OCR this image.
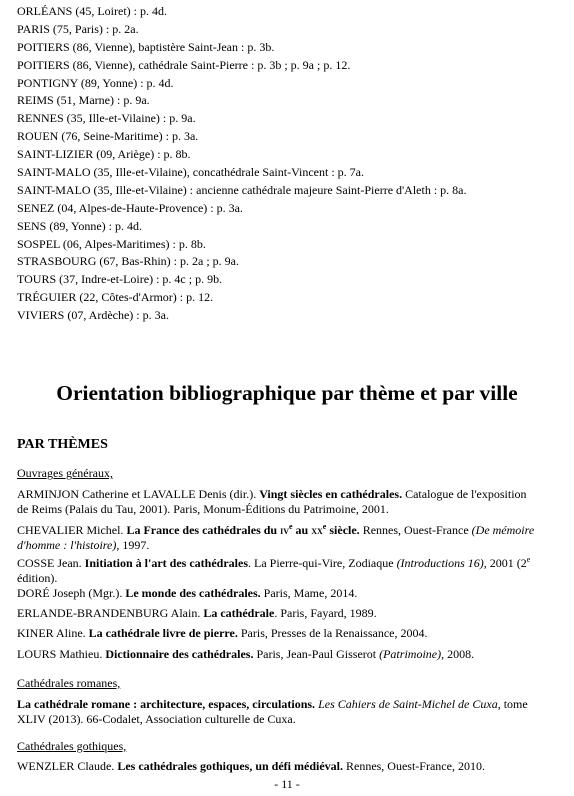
ORLÉANS (45, Loiret) : p. 4d.
PARIS (75, Paris) : p. 2a.
POITIERS (86, Vienne), baptistère Saint-Jean : p. 3b.
POITIERS (86, Vienne), cathédrale Saint-Pierre : p. 3b ; p. 9a ; p. 12.
PONTIGNY (89, Yonne) : p. 4d.
REIMS (51, Marne) : p. 9a.
RENNES (35, Ille-et-Vilaine) : p. 9a.
ROUEN (76, Seine-Maritime) : p. 3a.
SAINT-LIZIER (09, Ariège) : p. 8b.
SAINT-MALO (35, Ille-et-Vilaine), concathédrale Saint-Vincent : p. 7a.
SAINT-MALO (35, Ille-et-Vilaine) : ancienne cathédrale majeure Saint-Pierre d'Aleth : p. 8a.
SENEZ (04, Alpes-de-Haute-Provence) : p. 3a.
SENS (89, Yonne) : p. 4d.
SOSPEL (06, Alpes-Maritimes) : p. 8b.
STRASBOURG (67, Bas-Rhin) : p. 2a ; p. 9a.
TOURS (37, Indre-et-Loire) : p. 4c ; p. 9b.
TRÉGUIER (22, Côtes-d'Armor) : p. 12.
VIVIERS (07, Ardèche) : p. 3a.
Orientation bibliographique par thème et par ville
PAR THÈMES
Ouvrages généraux,
ARMINJON Catherine et LAVALLE Denis (dir.). Vingt siècles en cathédrales. Catalogue de l'exposition de Reims (Palais du Tau, 2001). Paris, Monum-Éditions du Patrimoine, 2001.
CHEVALIER Michel. La France des cathédrales du $iv^e$ au $xx^e$ siècle. Rennes, Ouest-France (De mémoire d'homme : l'histoire), 1997.
COSSE Jean. Initiation à l'art des cathédrales. La Pierre-qui-Vire, Zodiaque (Introductions 16), 2001 (2e édition).
DORÉ Joseph (Mgr.). Le monde des cathédrales. Paris, Mame, 2014.
ERLANDE-BRANDENBURG Alain. La cathédrale. Paris, Fayard, 1989.
KINER Aline. La cathédrale livre de pierre. Paris, Presses de la Renaissance, 2004.
LOURS Mathieu. Dictionnaire des cathédrales. Paris, Jean-Paul Gisserot (Patrimoine), 2008.
Cathédrales romanes,
La cathédrale romane : architecture, espaces, circulations. Les Cahiers de Saint-Michel de Cuxa, tome XLIV (2013). 66-Codalet, Association culturelle de Cuxa.
Cathédrales gothiques,
WENZLER Claude. Les cathédrales gothiques, un défi médiéval. Rennes, Ouest-France, 2010.
- 11 -
